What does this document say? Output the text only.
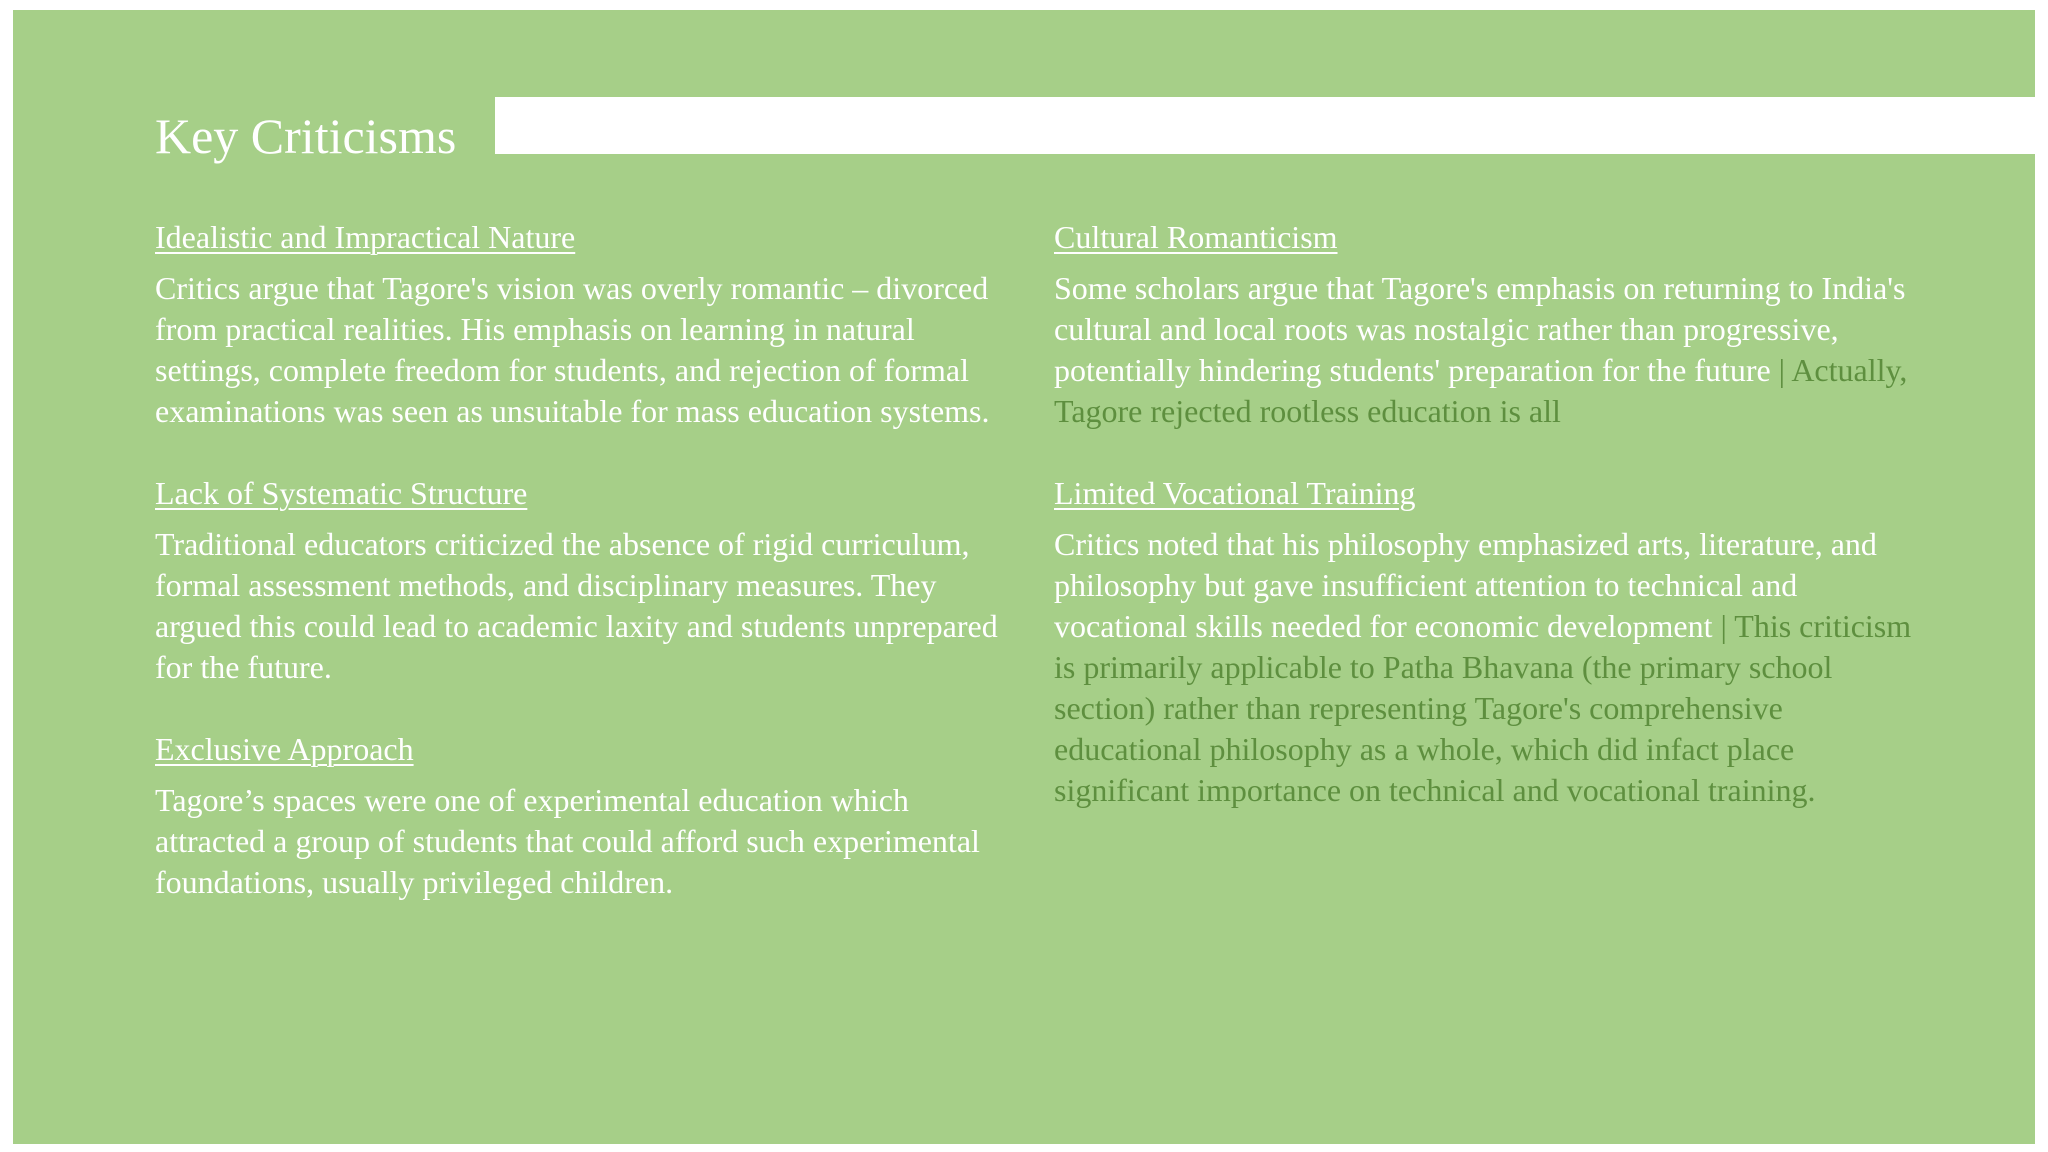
Key Criticisms
Idealistic and Impractical Nature

Critics argue that Tagore's vision was overly romantic – divorced from practical realities. His emphasis on learning in natural settings, complete freedom for students, and rejection of formal examinations was seen as unsuitable for mass education systems.

Lack of Systematic Structure

Traditional educators criticized the absence of rigid curriculum, formal assessment methods, and disciplinary measures. They argued this could lead to academic laxity and students unprepared for the future.

Exclusive Approach

Tagore’s spaces were one of experimental education which attracted a group of students that could afford such experimental foundations, usually privileged children.

Cultural Romanticism

Some scholars argue that Tagore's emphasis on returning to India's cultural and local roots was nostalgic rather than progressive, potentially hindering students' preparation for the future | Actually, Tagore rejected rootless education is all

Limited Vocational Training

Critics noted that his philosophy emphasized arts, literature, and philosophy but gave insufficient attention to technical and vocational skills needed for economic development | This criticism is primarily applicable to Patha Bhavana (the primary school section) rather than representing Tagore's comprehensive educational philosophy as a whole, which did infact place significant importance on technical and vocational training.
